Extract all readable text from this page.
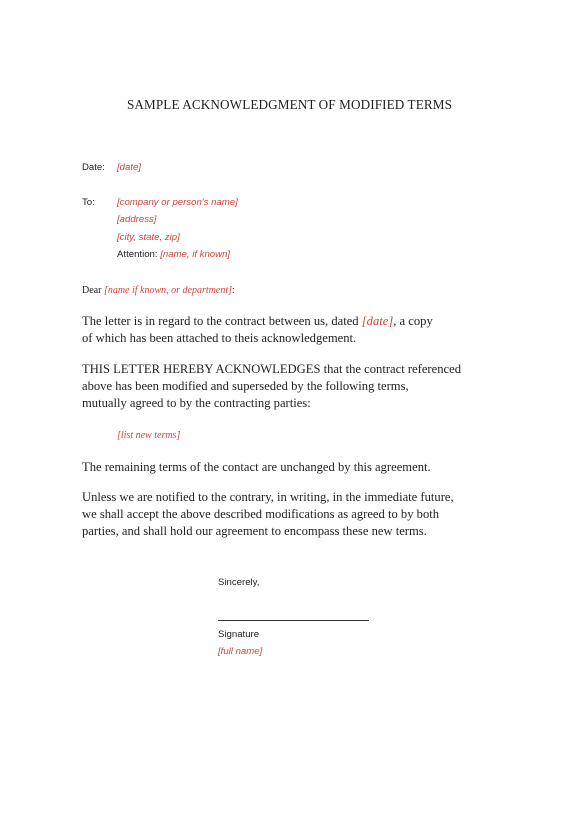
SAMPLE ACKNOWLEDGMENT OF MODIFIED TERMS
Date: [date]
To: [company or person's name]
[address]
[city, state, zip]
Attention: [name, if known]
Dear [name if known, or department]:
The letter is in regard to the contract between us, dated [date], a copy
of which has been attached to theis acknowledgement.
THIS LETTER HEREBY ACKNOWLEDGES that the contract referenced
above has been modified and superseded by the following terms,
mutually agreed to by the contracting parties:
[list new terms]
The remaining terms of the contact are unchanged by this agreement.
Unless we are notified to the contrary, in writing, in the immediate future,
we shall accept the above described modifications as agreed to by both
parties, and shall hold our agreement to encompass these new terms.
Sincerely,
Signature
[full name]
